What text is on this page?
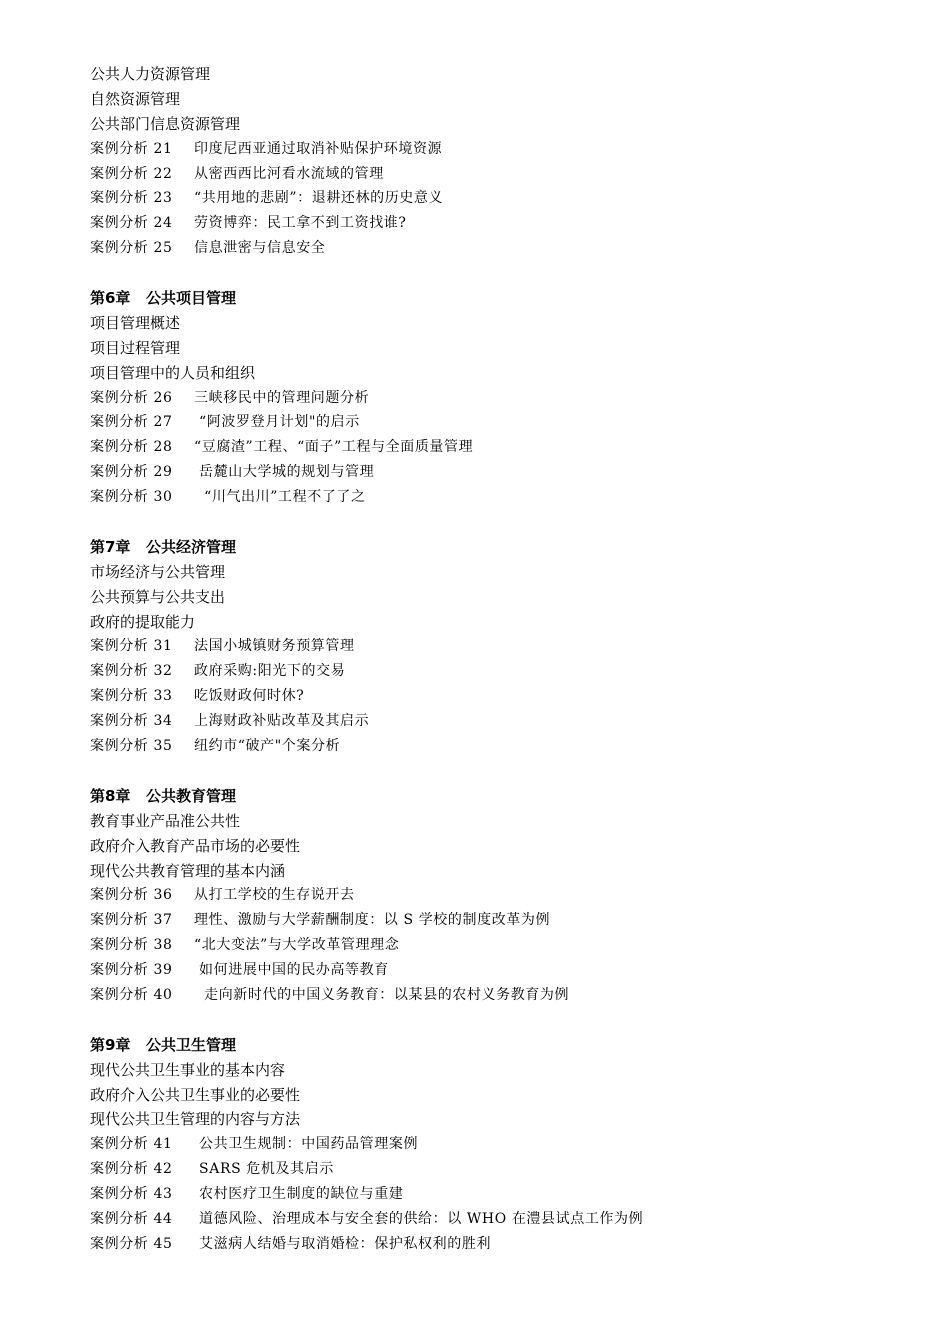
公共人力资源管理
自然资源管理
公共部门信息资源管理
案例分析 21 印度尼西亚通过取消补贴保护环境资源
案例分析 22 从密西西比河看水流域的管理
案例分析 23 “共用地的悲剧”：退耕还林的历史意义
案例分析 24 劳资博弈：民工拿不到工资找谁?
案例分析 25 信息泄密与信息安全
第6章 公共项目管理
项目管理概述
项目过程管理
项目管理中的人员和组织
案例分析 26 三峡移民中的管理问题分析
案例分析 27 “阿波罗登月计划"的启示
案例分析 28 “豆腐渣”工程、“面子”工程与全面质量管理
案例分析 29 岳麓山大学城的规划与管理
案例分析 30  “川气出川”工程不了了之
第7章 公共经济管理
市场经济与公共管理
公共预算与公共支出
政府的提取能力
案例分析 31 法国小城镇财务预算管理
案例分析 32 政府采购:阳光下的交易
案例分析 33 吃饭财政何时休?
案例分析 34 上海财政补贴改革及其启示
案例分析 35 纽约市“破产"个案分析
第8章 公共教育管理
教育事业产品准公共性
政府介入教育产品市场的必要性
现代公共教育管理的基本内涵
案例分析 36 从打工学校的生存说开去
案例分析 37 理性、激励与大学薪酬制度：以 S 学校的制度改革为例
案例分析 38 “北大变法”与大学改革管理理念
案例分析 39 如何进展中国的民办高等教育
案例分析 40  走向新时代的中国义务教育：以某县的农村义务教育为例
第9章 公共卫生管理
现代公共卫生事业的基本内容
政府介入公共卫生事业的必要性
现代公共卫生管理的内容与方法
案例分析 41 公共卫生规制：中国药品管理案例
案例分析 42 SARS 危机及其启示
案例分析 43 农村医疗卫生制度的缺位与重建
案例分析 44 道德风险、治理成本与安全套的供给：以 WHO 在澧县试点工作为例
案例分析 45 艾滋病人结婚与取消婚检：保护私权利的胜利
